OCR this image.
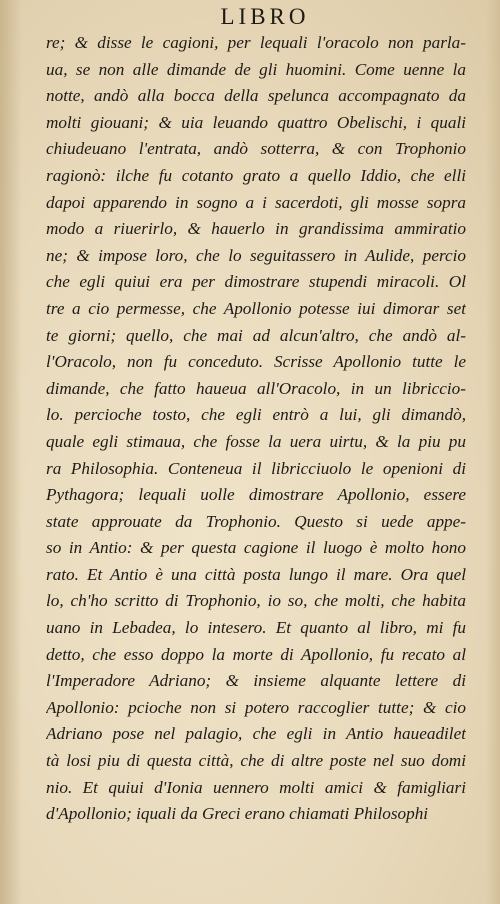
LIBRO
re; & disse le cagioni, per lequali l'oracolo non parla-
ua, se non alle dimande de gli huomini. Come uenne la
notte, andò alla bocca della spelunca accompagnato da
molti giouani; & uia leuando quattro Obelischi, i quali
chiudeuano l'entrata, andò sotterra, & con Trophonio
ragionò: ilche fu cotanto grato a quello Iddio, che elli
dapoi apparendo in sogno a i sacerdoti, gli mosse sopra
modo a riuerirlo, & hauerlo in grandissima ammiratio
ne; & impose loro, che lo seguitassero in Aulide, percio
che egli quiui era per dimostrare stupendi miracoli. Ol
tre a cio permesse, che Apollonio potesse iui dimorar set
te giorni; quello, che mai ad alcun'altro, che andò al-
l'Oracolo, non fu conceduto. Scrisse Apollonio tutte le
dimande, che fatto haueua all'Oracolo, in un libriccio-
lo. percioche tosto, che egli entrò a lui, gli dimandò,
quale egli stimaua, che fosse la uera uirtu, & la piu pu
ra Philosophia. Conteneua il libricciuolo le openioni di
Pythagora; lequali uolle dimostrare Apollonio, essere
state approuate da Trophonio. Questo si uede appe-
so in Antio: & per questa cagione il luogo è molto hono
rato. Et Antio è una città posta lungo il mare. Ora quel
lo, ch'ho scritto di Trophonio, io so, che molti, che habita
uano in Lebadea, lo intesero. Et quanto al libro, mi fu
detto, che esso doppo la morte di Apollonio, fu recato al
l'Imperadore Adriano; & insieme alquante lettere di
Apollonio: pcioche non si potero raccoglier tutte; & cio
Adriano pose nel palagio, che egli in Antio haueadilet
tà losi piu di questa città, che di altre poste nel suo domi
nio. Et quiui d'Ionia uennero molti amici & famigliari
d'Apollonio; iquali da Greci erano chiamati Philosophi
